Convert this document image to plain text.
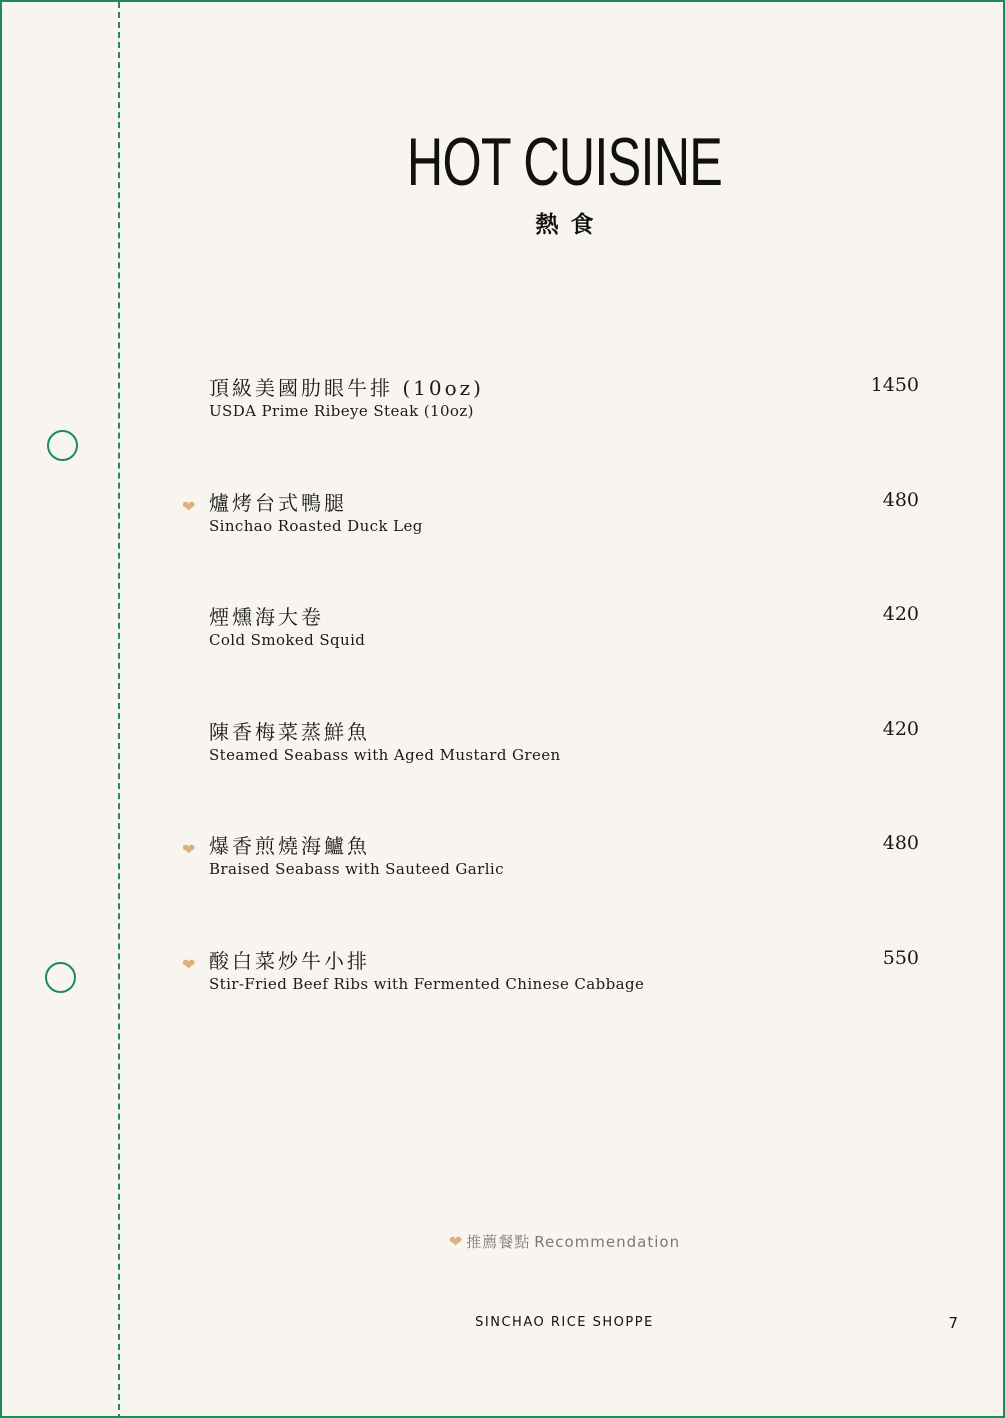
HOT CUISINE
熱食
頂級美國肋眼牛排 (10oz)
USDA Prime Ribeye Steak (10oz)
1450
❤ 爐烤台式鴨腿
Sinchao Roasted Duck Leg
480
煙燻海大卷
Cold Smoked Squid
420
陳香梅菜蒸鮮魚
Steamed Seabass with Aged Mustard Green
420
❤ 爆香煎燒海鱸魚
Braised Seabass with Sauteed Garlic
480
❤ 酸白菜炒牛小排
Stir-Fried Beef Ribs with Fermented Chinese Cabbage
550
❤ 推薦餐點 Recommendation
SINCHAO RICE SHOPPE	7
